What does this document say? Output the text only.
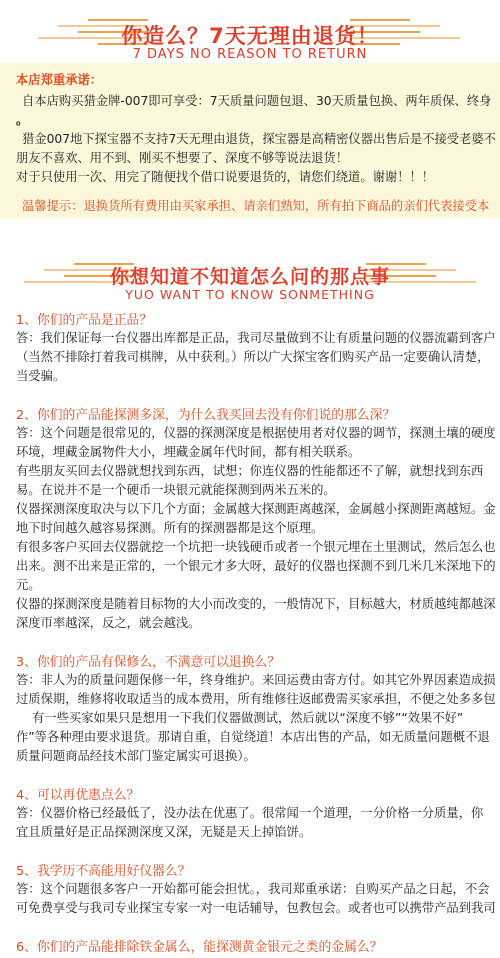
你造么？7天无理由退货！
7 DAYS NO REASON TO RETURN
本店郑重承诺：
自本店购买猎金牌-007即可享受：7天质量问题包退、30天质量包换、两年质保、终身
。
猎金007地下探宝器不支持7天无理由退货，探宝器是高精密仪器出售后是不接受老婆不
朋友不喜欢、用不到、刚买不想要了、深度不够等说法退货！
对于只使用一次、用完了随便找个借口说要退货的，请您们绕道。谢谢！！！
温馨提示：退换货所有费用由买家承担、请亲们熟知，所有拍下商品的亲们代表接受本
你想知道不知道怎么问的那点事
YUO WANT TO KNOW SONMETHING
1、你们的产品是正品？
答：我们保证每一台仪器出库都是正品，我司尽量做到不让有质量问题的仪器流霸到客户
（当然不排除打着我司棋牌，从中获利。）所以广大探宝客们购买产品一定要确认清楚，
当受骗。
2、你们的产品能探测多深，为什么我买回去没有你们说的那么深？
答：这个问题是很常见的，仪器的探测深度是根据使用者对仪器的调节，探测土壤的硬度
环境，埋藏金属物件大小，埋藏金属年代时间，都有相关联系。
有些朋友买回去仪器就想找到东西，试想；你连仪器的性能都还不了解，就想找到东西
易。在说并不是一个硬币一块银元就能探测到两米五米的。
仪器探测深度取决与以下几个方面；金属越大探测距离越深，金属越小探测距离越短。金
地下时间越久越容易探测。所有的探测器都是这个原理。
有很多客户买回去仪器就挖一个坑把一块钱硬币或者一个银元埋在土里测试，然后怎么也
出来。测不出来是正常的，一个银元才多大呀，最好的仪器也探测不到几米几米深地下的
元。
仪器的探测深度是随着目标物的大小而改变的，一般情况下，目标越大，材质越纯都越深
深度帀率越深，反之，就会越浅。
3、你们的产品有保修么，不满意可以退换么？
答：非人为的质量问题保修一年，终身维护。来回运费由寄方付。如其它外界因素造成损
过质保期，维修将收取适当的成本费用，所有维修往返邮费需买家承担，不便之处多多包
有一些买家如果只是想用一下我们仪器做测试，然后就以“深度不够”“效果不好”
作”等各种理由要求退货。那请自重，自觉绕道！本店出售的产品，如无质量问题概不退
质量问题商品经技术部门鉴定属实可退换）。
4、可以再优惠点么？
答：仪器价格已经最低了，没办法在优惠了。很常闻一个道理，一分价格一分质量，你
宜且质量好是正品探测深度又深，无疑是天上掉馅饼。
5、我学历不高能用好仪器么？
答：这个问题很多客户一开始都可能会担忧。，我司郑重承诺：自购买产品之日起，不会
可免费享受与我司专业探宝专家一对一电话辅导，包教包会。或者也可以携带产品到我司
6、你们的产品能排除铁金属么，能探测黄金银元之类的金属么？
